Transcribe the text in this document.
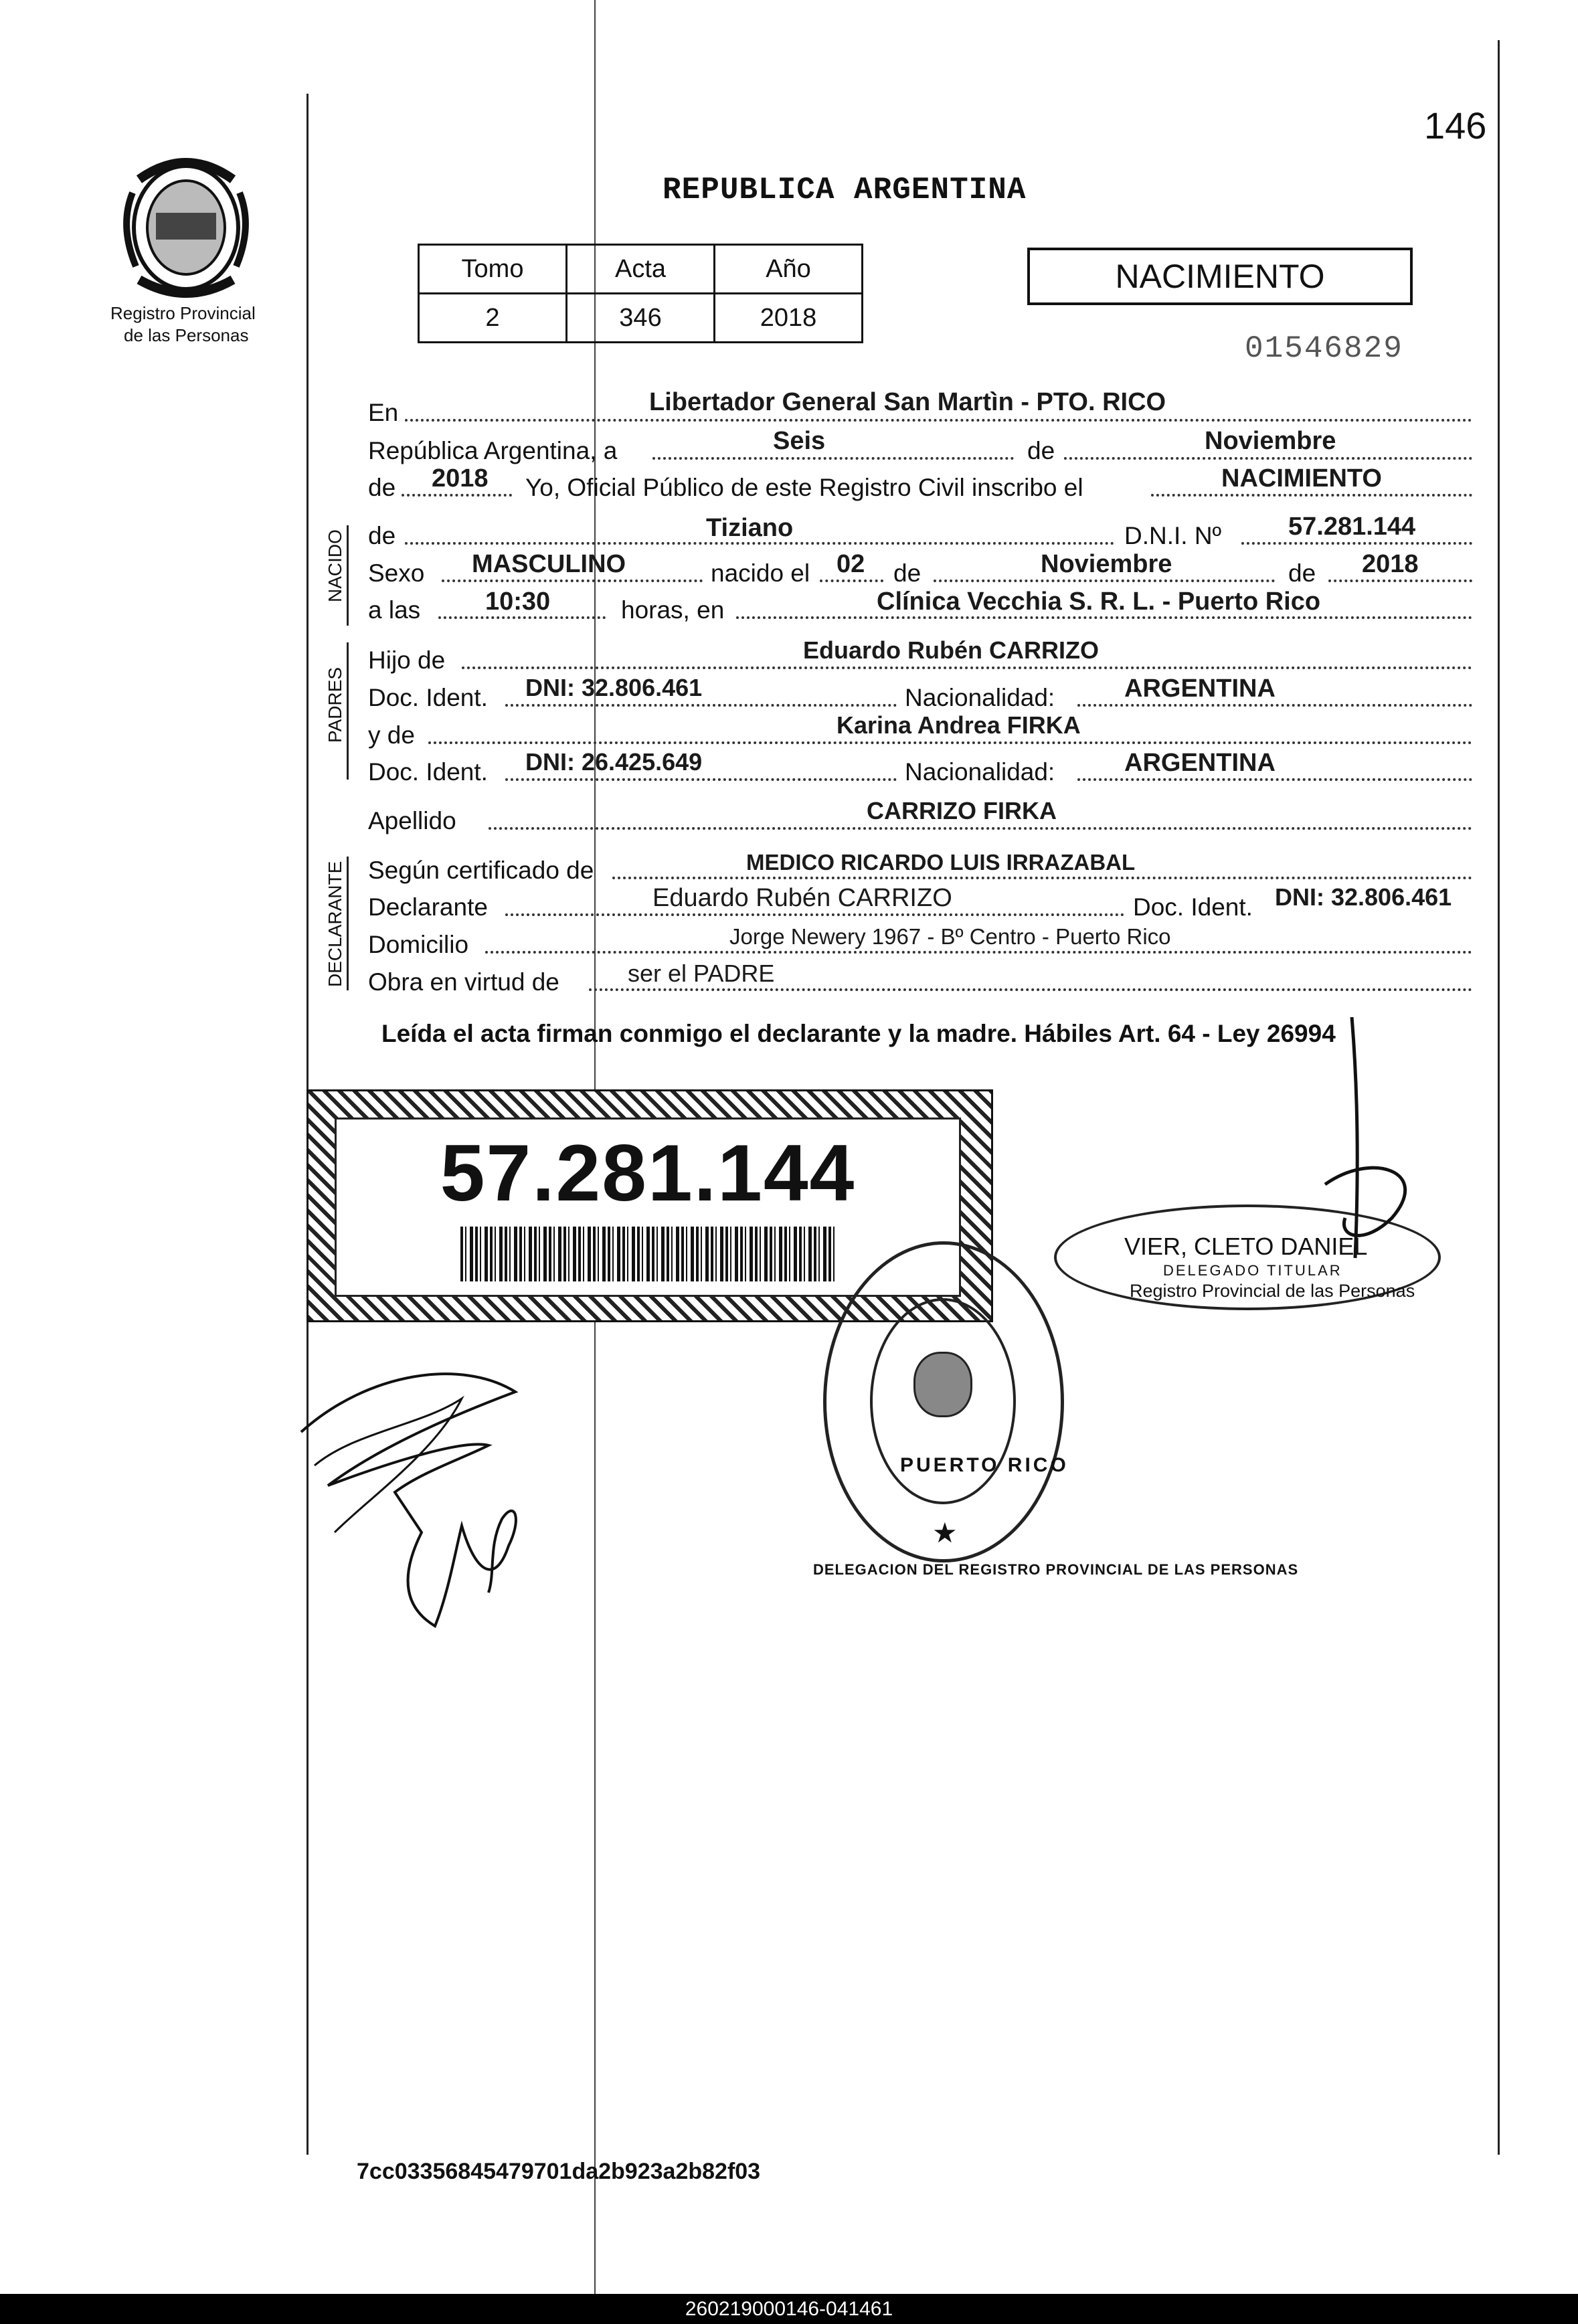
Registro Provincial
de las Personas
146
REPUBLICA ARGENTINA
Tomo	Acta	Año
2	346	2018
NACIMIENTO
01546829
En	Libertador General San Martìn - PTO. RICO
República Argentina, a	Seis	de	Noviembre
de 2018 Yo, Oficial Público de este Registro Civil inscribo el	NACIMIENTO
NACIDO de	Tiziano	D.N.I. Nº	57.281.144
Sexo MASCULINO	nacido el 02 de	Noviembre	de 2018
a las	10:30	horas, en	Clínica Vecchia S. R. L. - Puerto Rico
PADRES
Hijo de	Eduardo Rubén CARRIZO
Doc. Ident. DNI: 32.806.461	Nacionalidad:	ARGENTINA
y de	Karina Andrea FIRKA
Doc. Ident. DNI: 26.425.649	Nacionalidad:	ARGENTINA
Apellido	CARRIZO FIRKA
DECLARANTE Según certificado de	MEDICO RICARDO LUIS IRRAZABAL
Declarante	Eduardo Rubén CARRIZO	Doc. Ident. DNI: 32.806.461
Domicilio	Jorge Newery 1967 - Bº Centro - Puerto Rico
Obra en virtud de	ser el PADRE
Leída el acta firman conmigo el declarante y la madre. Hábiles Art. 64 - Ley 26994
57.281.144
VIER, CLETO DANIEL
DELEGADO TITULAR
Registro Provincial de las Personas
DELEGACION DEL REGISTRO PROVINCIAL DE LAS PERSONAS
PUERTO RICO
★
7cc03356845479701da2b923a2b82f03
260219000146-041461
